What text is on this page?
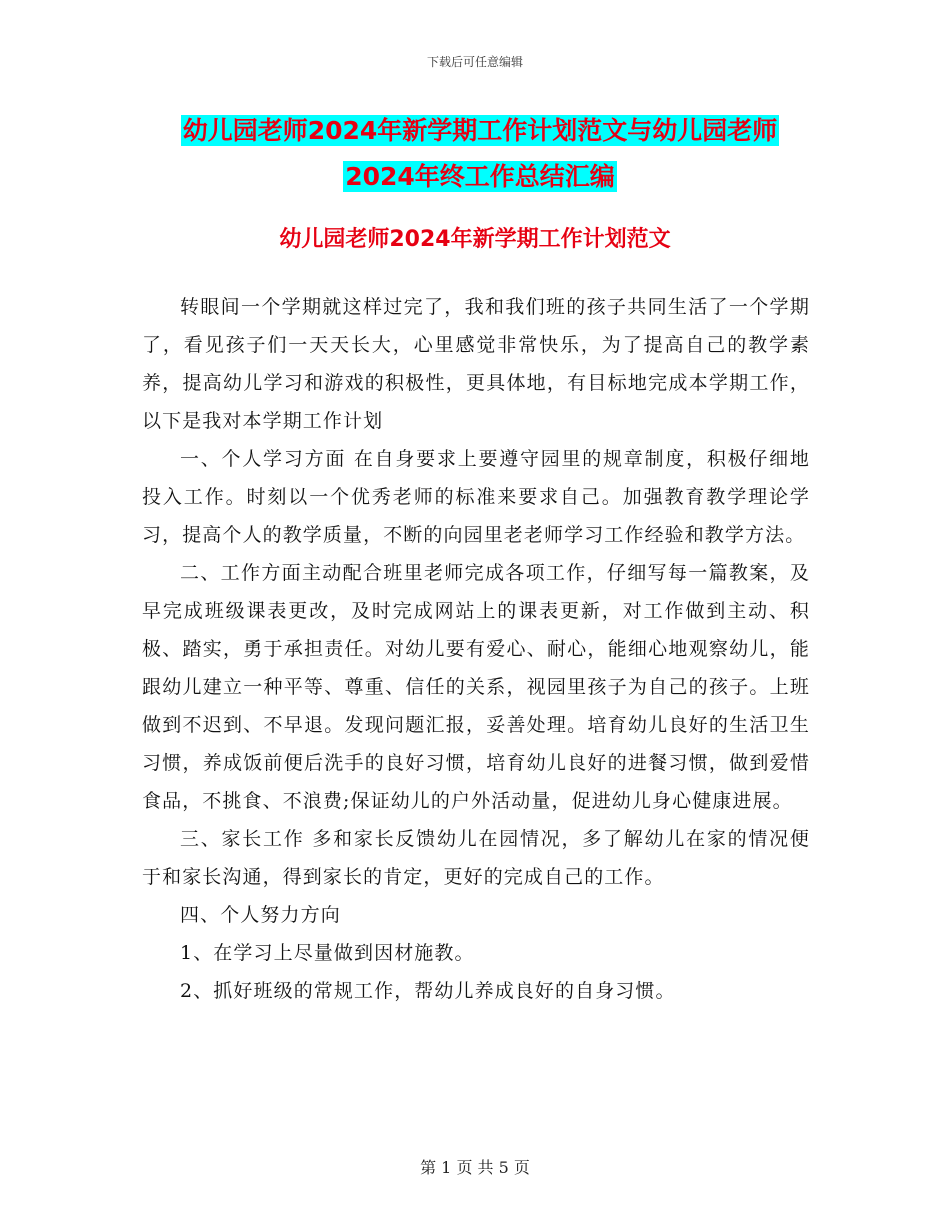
下载后可任意编辑
幼儿园老师2024年新学期工作计划范文与幼儿园老师
2024年终工作总结汇编
幼儿园老师2024年新学期工作计划范文

转眼间一个学期就这样过完了，我和我们班的孩子共同生活了一个学期了，看见孩子们一天天长大，心里感觉非常快乐，为了提高自己的教学素养，提高幼儿学习和游戏的积极性，更具体地，有目标地完成本学期工作，以下是我对本学期工作计划

一、个人学习方面 在自身要求上要遵守园里的规章制度，积极仔细地投入工作。时刻以一个优秀老师的标准来要求自己。加强教育教学理论学习，提高个人的教学质量，不断的向园里老老师学习工作经验和教学方法。

二、工作方面主动配合班里老师完成各项工作，仔细写每一篇教案，及早完成班级课表更改，及时完成网站上的课表更新，对工作做到主动、积极、踏实，勇于承担责任。对幼儿要有爱心、耐心，能细心地观察幼儿，能跟幼儿建立一种平等、尊重、信任的关系，视园里孩子为自己的孩子。上班做到不迟到、不早退。发现问题汇报，妥善处理。培育幼儿良好的生活卫生习惯，养成饭前便后洗手的良好习惯，培育幼儿良好的进餐习惯，做到爱惜食品，不挑食、不浪费;保证幼儿的户外活动量，促进幼儿身心健康进展。

三、家长工作 多和家长反馈幼儿在园情况，多了解幼儿在家的情况便于和家长沟通，得到家长的肯定，更好的完成自己的工作。

四、个人努力方向

1、在学习上尽量做到因材施教。

2、抓好班级的常规工作，帮幼儿养成良好的自身习惯。

第 1 页 共 5 页
